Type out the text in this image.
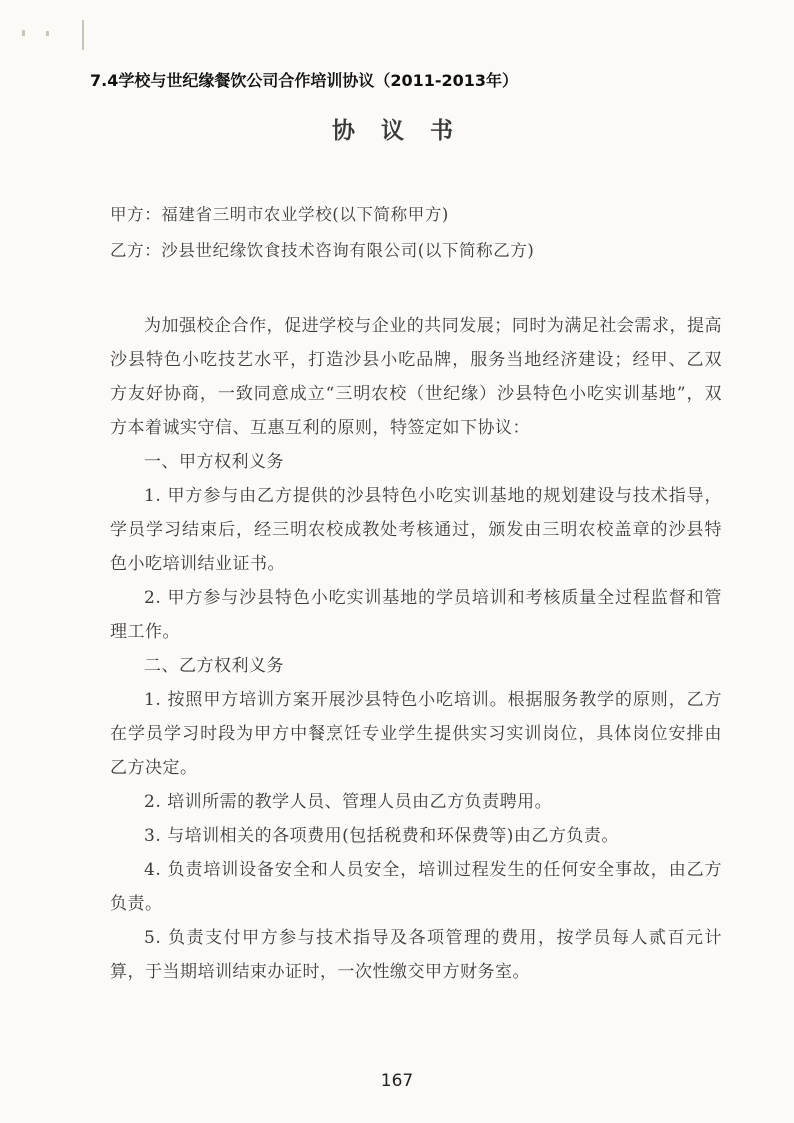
7.4学校与世纪缘餐饮公司合作培训协议（2011-2013年）
协 议 书
甲方：福建省三明市农业学校(以下简称甲方)
乙方：沙县世纪缘饮食技术咨询有限公司(以下简称乙方)

为加强校企合作，促进学校与企业的共同发展；同时为满足社会需求，提高沙县特色小吃技艺水平，打造沙县小吃品牌，服务当地经济建设；经甲、乙双方友好协商，一致同意成立“三明农校（世纪缘）沙县特色小吃实训基地”，双方本着诚实守信、互惠互利的原则，特签定如下协议：

一、甲方权利义务

1. 甲方参与由乙方提供的沙县特色小吃实训基地的规划建设与技术指导，学员学习结束后，经三明农校成教处考核通过，颁发由三明农校盖章的沙县特色小吃培训结业证书。

2. 甲方参与沙县特色小吃实训基地的学员培训和考核质量全过程监督和管理工作。

二、乙方权利义务

1. 按照甲方培训方案开展沙县特色小吃培训。根据服务教学的原则，乙方在学员学习时段为甲方中餐烹饪专业学生提供实习实训岗位，具体岗位安排由乙方决定。

2. 培训所需的教学人员、管理人员由乙方负责聘用。

3. 与培训相关的各项费用(包括税费和环保费等)由乙方负责。

4. 负责培训设备安全和人员安全，培训过程发生的任何安全事故，由乙方负责。

5. 负责支付甲方参与技术指导及各项管理的费用，按学员每人贰百元计算，于当期培训结束办证时，一次性缴交甲方财务室。

167
